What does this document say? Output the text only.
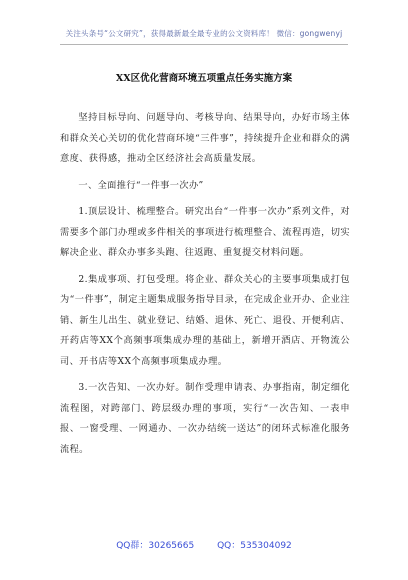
关注头条号“公文研究”，获得最新最全最专业的公文资料库！ 微信：gongwenyj
XX区优化营商环境五项重点任务实施方案

坚持目标导向、问题导向、考核导向、结果导向，办好市场主体和群众关心关切的优化营商环境“三件事”，持续提升企业和群众的满意度、获得感，推动全区经济社会高质量发展。

一、全面推行“一件事一次办”

1.顶层设计、梳理整合。研究出台“一件事一次办”系列文件，对需要多个部门办理或多件相关的事项进行梳理整合、流程再造，切实解决企业、群众办事多头跑、往返跑、重复提交材料问题。

2.集成事项、打包受理。将企业、群众关心的主要事项集成打包为“一件事”，制定主题集成服务指导目录，在完成企业开办、企业注销、新生儿出生、就业登记、结婚、退休、死亡、退役、开便利店、开药店等XX个高频事项集成办理的基础上，新增开酒店、开物流公司、开书店等XX个高频事项集成办理。

3.一次告知、一次办好。制作受理申请表、办事指南，制定细化流程图，对跨部门、跨层级办理的事项，实行“一次告知、一表申报、一窗受理、一网通办、一次办结统一送达”的闭环式标准化服务流程。

QQ群：30265665	QQ：535304092
